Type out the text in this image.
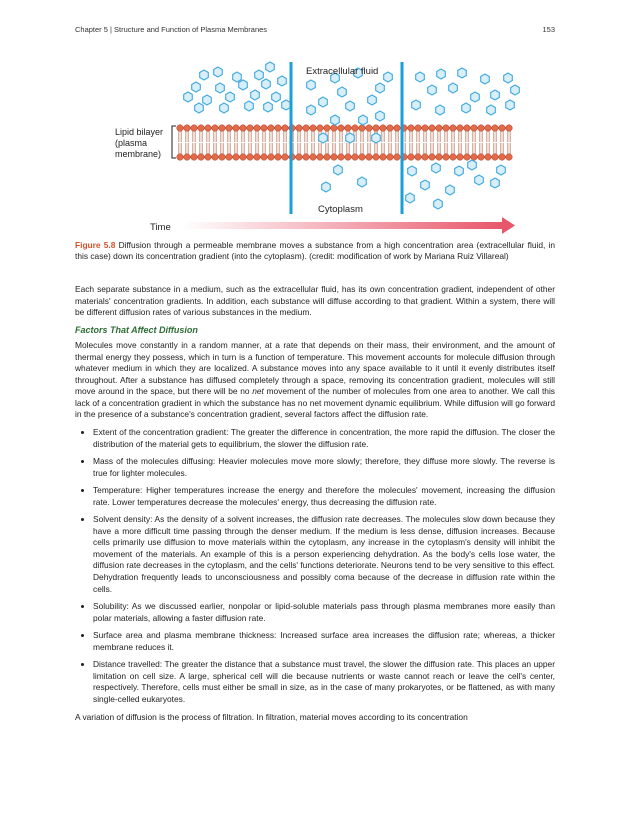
Chapter 5 | Structure and Function of Plasma Membranes	153
Lipid bilayer
(plasma
membrane)
Extracellular fluid
Cytoplasm
Time
Figure 5.8 Diffusion through a permeable membrane moves a substance from a high concentration area (extracellular fluid, in this case) down its concentration gradient (into the cytoplasm). (credit: modification of work by Mariana Ruiz Villareal)

Each separate substance in a medium, such as the extracellular fluid, has its own concentration gradient, independent of other materials' concentration gradients. In addition, each substance will diffuse according to that gradient. Within a system, there will be different diffusion rates of various substances in the medium.

Factors That Affect Diffusion

Molecules move constantly in a random manner, at a rate that depends on their mass, their environment, and the amount of thermal energy they possess, which in turn is a function of temperature. This movement accounts for molecule diffusion through whatever medium in which they are localized. A substance moves into any space available to it until it evenly distributes itself throughout. After a substance has diffused completely through a space, removing its concentration gradient, molecules will still move around in the space, but there will be no net movement of the number of molecules from one area to another. We call this lack of a concentration gradient in which the substance has no net movement dynamic equilibrium. While diffusion will go forward in the presence of a substance's concentration gradient, several factors affect the diffusion rate.

• Extent of the concentration gradient: The greater the difference in concentration, the more rapid the diffusion. The closer the distribution of the material gets to equilibrium, the slower the diffusion rate.
• Mass of the molecules diffusing: Heavier molecules move more slowly; therefore, they diffuse more slowly. The reverse is true for lighter molecules.
• Temperature: Higher temperatures increase the energy and therefore the molecules' movement, increasing the diffusion rate. Lower temperatures decrease the molecules' energy, thus decreasing the diffusion rate.
• Solvent density: As the density of a solvent increases, the diffusion rate decreases. The molecules slow down because they have a more difficult time passing through the denser medium. If the medium is less dense, diffusion increases. Because cells primarily use diffusion to move materials within the cytoplasm, any increase in the cytoplasm's density will inhibit the movement of the materials. An example of this is a person experiencing dehydration. As the body's cells lose water, the diffusion rate decreases in the cytoplasm, and the cells' functions deteriorate. Neurons tend to be very sensitive to this effect. Dehydration frequently leads to unconsciousness and possibly coma because of the decrease in diffusion rate within the cells.
• Solubility: As we discussed earlier, nonpolar or lipid-soluble materials pass through plasma membranes more easily than polar materials, allowing a faster diffusion rate.
• Surface area and plasma membrane thickness: Increased surface area increases the diffusion rate; whereas, a thicker membrane reduces it.
• Distance travelled: The greater the distance that a substance must travel, the slower the diffusion rate. This places an upper limitation on cell size. A large, spherical cell will die because nutrients or waste cannot reach or leave the cell's center, respectively. Therefore, cells must either be small in size, as in the case of many prokaryotes, or be flattened, as with many single-celled eukaryotes.

A variation of diffusion is the process of filtration. In filtration, material moves according to its concentration
